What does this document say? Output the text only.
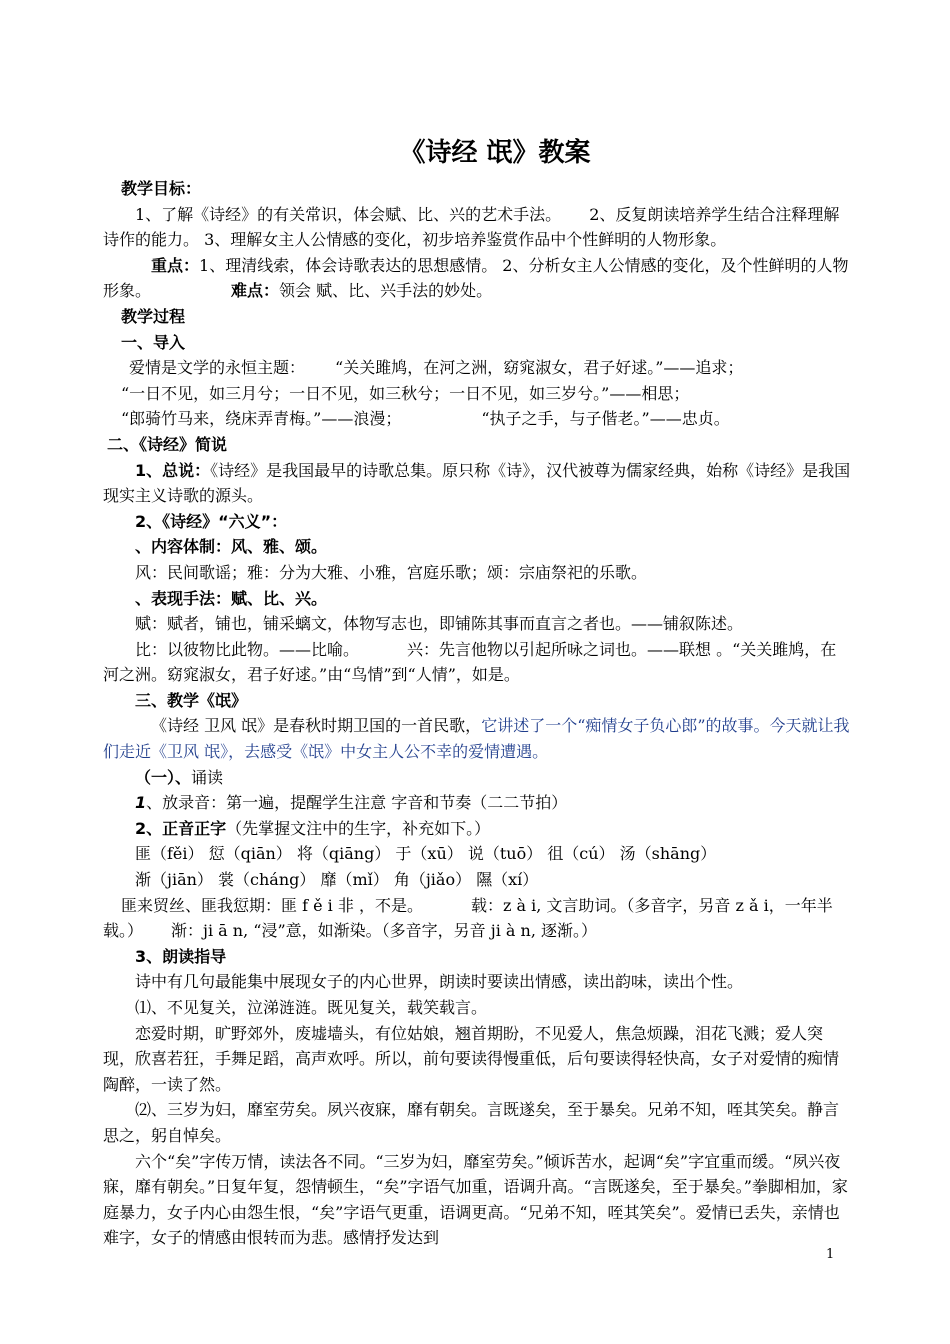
《诗经 氓》教案

教学目标：

1、了解《诗经》的有关常识，体会赋、比、兴的艺术手法。 2、反复朗读培养学生结合注释理解诗作的能力。 3、理解女主人公情感的变化，初步培养鉴赏作品中个性鲜明的人物形象。

重点：1、理清线索，体会诗歌表达的思想感情。 2、分析女主人公情感的变化，及个性鲜明的人物形象。	难点：领会 赋、比、兴手法的妙处。

教学过程

一、导入

爱情是文学的永恒主题： “关关雎鸠，在河之洲，窈窕淑女，君子好逑。”——追求；

“一日不见，如三月兮；一日不见，如三秋兮；一日不见，如三岁兮。”——相思；

“郎骑竹马来，绕床弄青梅。”——浪漫；	“执子之手，与子偕老。”——忠贞。

二、《诗经》简说

1、总说：《诗经》是我国最早的诗歌总集。原只称《诗》，汉代被尊为儒家经典，始称《诗经》是我国现实主义诗歌的源头。

2、《诗经》“六义”：

、内容体制：风、雅、颂。

风：民间歌谣；雅：分为大雅、小雅，宫庭乐歌；颂：宗庙祭祀的乐歌。

、表现手法：赋、比、兴。

赋：赋者，铺也，铺采螭文，体物写志也，即铺陈其事而直言之者也。——铺叙陈述。

比：以彼物比此物。——比喻。	兴：先言他物以引起所咏之词也。——联想 。“关关雎鸠，在河之洲。窈窕淑女，君子好逑。”由“鸟情”到“人情”，如是。

三、教学《氓》

《诗经 卫风 氓》是春秋时期卫国的一首民歌，它讲述了一个“痴情女子负心郎”的故事。今天就让我们走近《卫风 氓》，去感受《氓》中女主人公不幸的爱情遭遇。

（一）、诵读

1、放录音：第一遍，提醒学生注意 字音和节奏（二二节拍）

2、正音正字（先掌握文注中的生字，补充如下。）

匪（fěi） 愆（qiān） 将（qiāng） 于（xū） 说（tuō） 徂（cú） 汤（shāng）

渐（jiān） 裳（cháng） 靡（mǐ） 角（jiǎo） 隰（xí）

匪来贸丝、匪我愆期：匪 f ě i 非 ，不是。	载：z à i, 文言助词。（多音字，另音 z ǎ i，一年半载。） 渐：ji ā n, “浸”意，如渐染。（多音字，另音 ji à n, 逐渐。）

3、朗读指导

诗中有几句最能集中展现女子的内心世界，朗读时要读出情感，读出韵味，读出个性。

⑴、不见复关，泣涕涟涟。既见复关，载笑载言。

恋爱时期，旷野郊外，废墟墙头，有位姑娘，翘首期盼，不见爱人，焦急烦躁，泪花飞溅；爱人突现，欣喜若狂，手舞足蹈，高声欢呼。所以，前句要读得慢重低，后句要读得轻快高，女子对爱情的痴情陶醉，一读了然。

⑵、三岁为妇，靡室劳矣。夙兴夜寐，靡有朝矣。言既遂矣，至于暴矣。兄弟不知，咥其笑矣。静言思之，躬自悼矣。

六个“矣”字传万情，读法各不同。“三岁为妇，靡室劳矣。”倾诉苦水，起调“矣”字宜重而缓。“夙兴夜寐，靡有朝矣。”日复年复，怨情顿生，“矣”字语气加重，语调升高。“言既遂矣，至于暴矣。”拳脚相加，家庭暴力，女子内心由怨生恨，“矣”字语气更重，语调更高。“兄弟不知，咥其笑矣”。爱情已丢失，亲情也难字，女子的情感由恨转而为悲。感情抒发达到

1
